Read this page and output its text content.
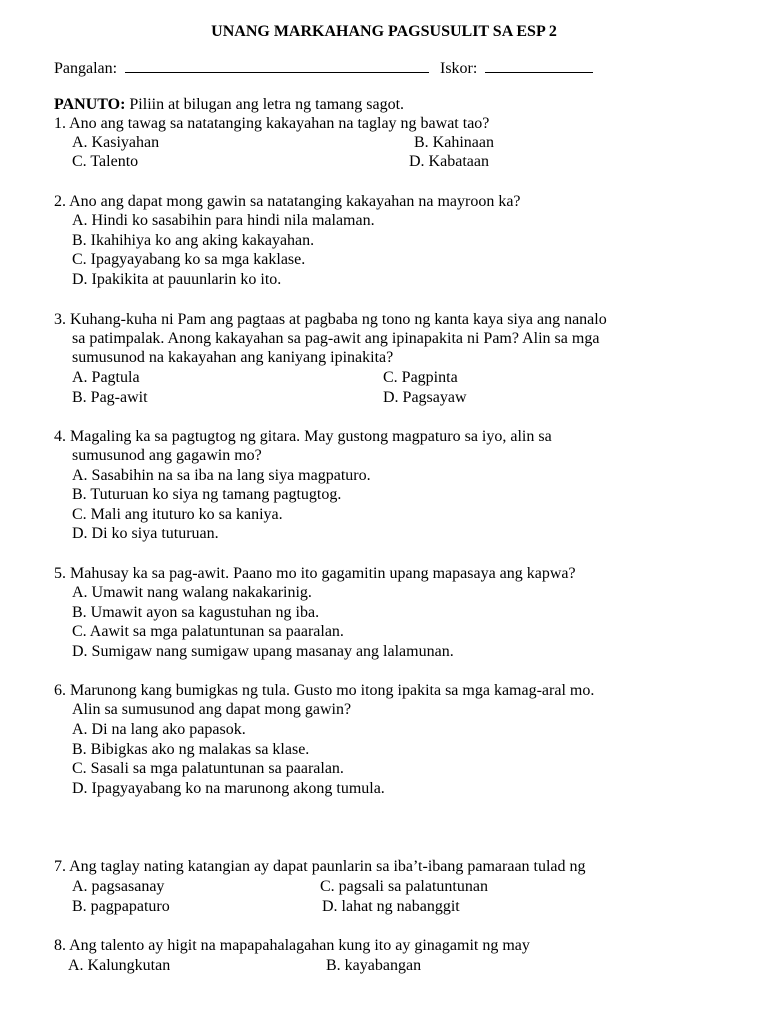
UNANG MARKAHANG PAGSUSULIT SA ESP 2
Pangalan:	Iskor:
PANUTO: Piliin at bilugan ang letra ng tamang sagot.
1. Ano ang tawag sa natatanging kakayahan na taglay ng bawat tao?
A. Kasiyahan	B. Kahinaan
C. Talento	D. Kabataan
2. Ano ang dapat mong gawin sa natatanging kakayahan na mayroon ka?
A. Hindi ko sasabihin para hindi nila malaman.
B. Ikahihiya ko ang aking kakayahan.
C. Ipagyayabang ko sa mga kaklase.
D. Ipakikita at pauunlarin ko ito.
3. Kuhang-kuha ni Pam ang pagtaas at pagbaba ng tono ng kanta kaya siya ang nanalo
sa patimpalak. Anong kakayahan sa pag-awit ang ipinapakita ni Pam? Alin sa mga
sumusunod na kakayahan ang kaniyang ipinakita?
A. Pagtula	C. Pagpinta
B. Pag-awit	D. Pagsayaw
4. Magaling ka sa pagtugtog ng gitara. May gustong magpaturo sa iyo, alin sa
sumusunod ang gagawin mo?
A. Sasabihin na sa iba na lang siya magpaturo.
B. Tuturuan ko siya ng tamang pagtugtog.
C. Mali ang ituturo ko sa kaniya.
D. Di ko siya tuturuan.
5. Mahusay ka sa pag-awit. Paano mo ito gagamitin upang mapasaya ang kapwa?
A. Umawit nang walang nakakarinig.
B. Umawit ayon sa kagustuhan ng iba.
C. Aawit sa mga palatuntunan sa paaralan.
D. Sumigaw nang sumigaw upang masanay ang lalamunan.
6. Marunong kang bumigkas ng tula. Gusto mo itong ipakita sa mga kamag-aral mo.
Alin sa sumusunod ang dapat mong gawin?
A. Di na lang ako papasok.
B. Bibigkas ako ng malakas sa klase.
C. Sasali sa mga palatuntunan sa paaralan.
D. Ipagyayabang ko na marunong akong tumula.
7. Ang taglay nating katangian ay dapat paunlarin sa iba’t-ibang pamaraan tulad ng
A. pagsasanay	C. pagsali sa palatuntunan
B. pagpapaturo	D. lahat ng nabanggit
8. Ang talento ay higit na mapapahalagahan kung ito ay ginagamit ng may
A. Kalungkutan	B. kayabangan
